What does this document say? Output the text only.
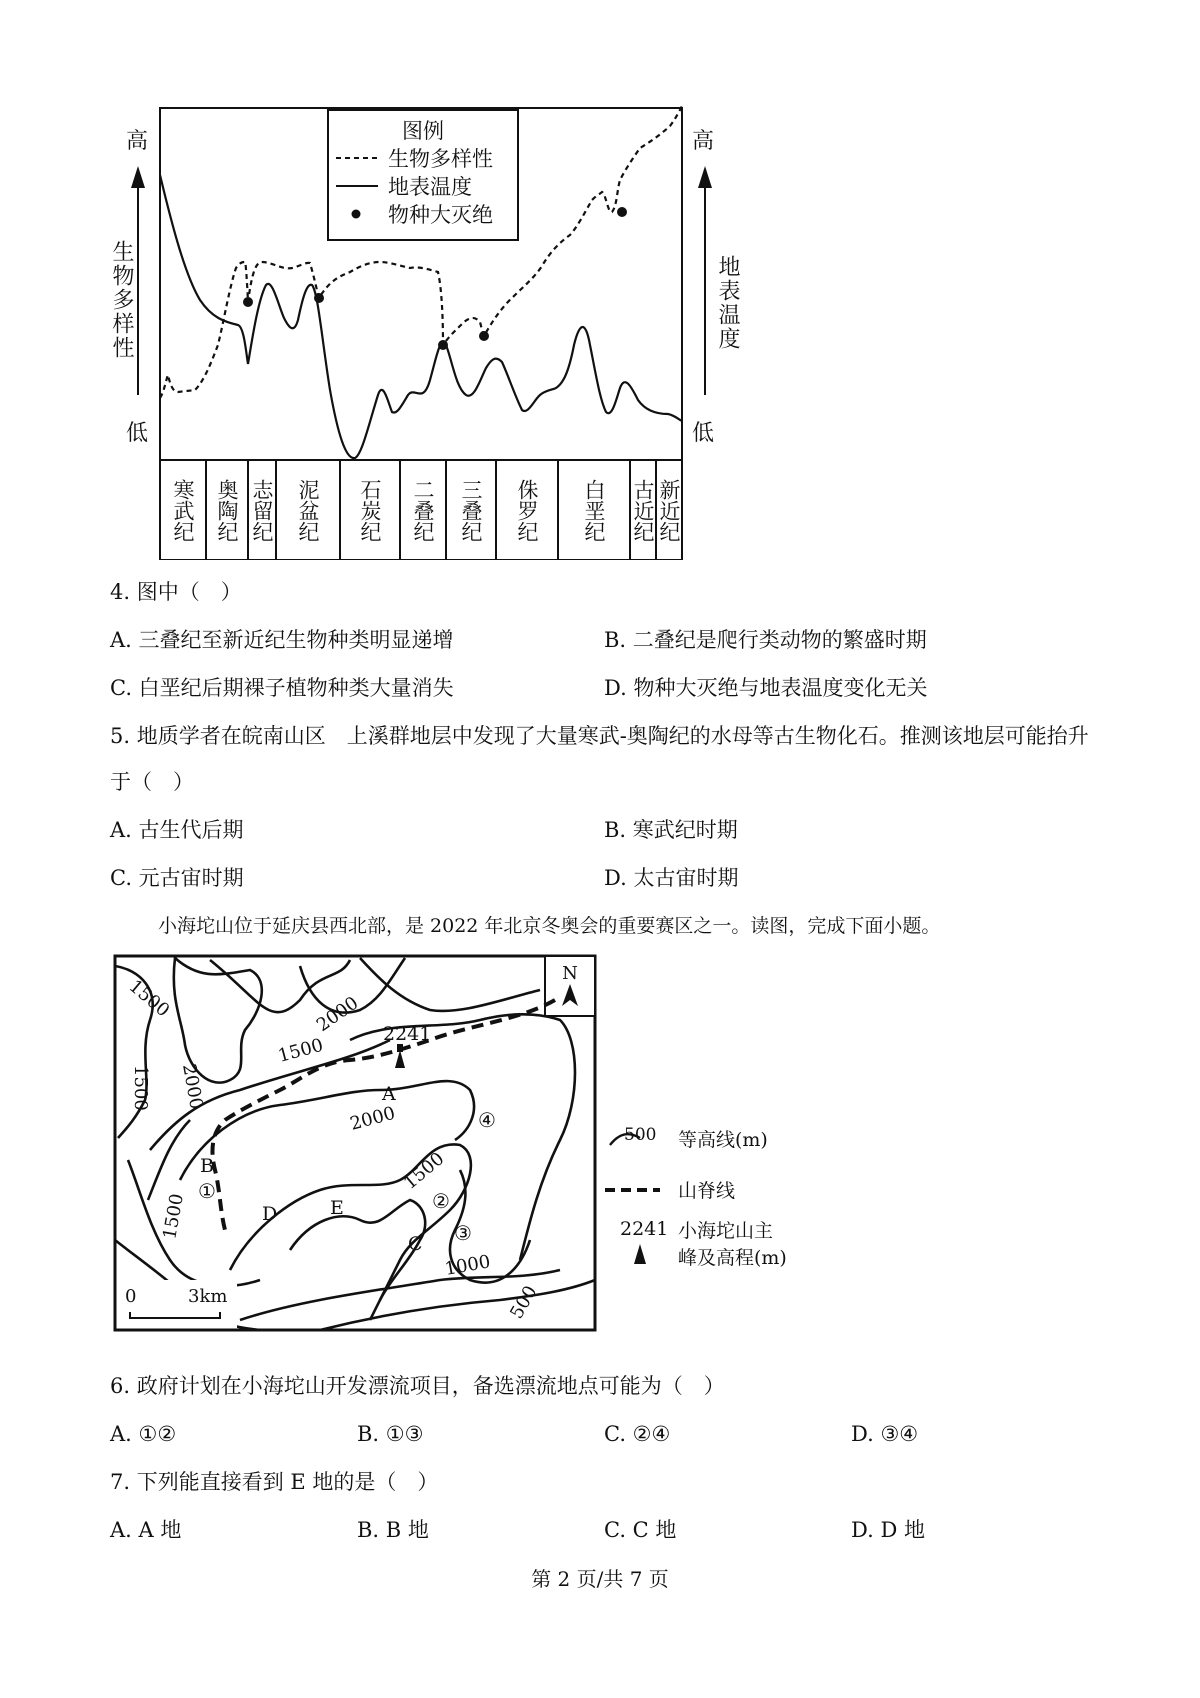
高
生物多样性
低
高
地表温度
低
图例
生物多样性
地表温度
物种大灭绝
寒武纪 奥陶纪 志留纪 泥盆纪 石炭纪 二叠纪 三叠纪 侏罗纪 白垩纪 古近纪 新近纪
4. 图中（　）
A. 三叠纪至新近纪生物种类明显递增	B. 二叠纪是爬行类动物的繁盛时期
C. 白垩纪后期裸子植物种类大量消失	D. 物种大灭绝与地表温度变化无关
5. 地质学者在皖南山区　上溪群地层中发现了大量寒武-奥陶纪的水母等古生物化石。推测该地层可能抬升
于（　）
A. 古生代后期	B. 寒武纪时期
C. 元古宙时期	D. 太古宙时期
小海坨山位于延庆县西北部，是 2022 年北京冬奥会的重要赛区之一。读图，完成下面小题。
N
2241
1500	2000
1500
1500 2000
2000
1500
1500
1000
500
A
B
C
D	E
①	②
③
④
0	3km
500 等高线(m)
山脊线
2241 小海坨山主
峰及高程(m)
6. 政府计划在小海坨山开发漂流项目，备选漂流地点可能为（　）
A. ①②	B. ①③	C. ②④	D. ③④
7. 下列能直接看到 E 地的是（　）
A. A 地	B. B 地	C. C 地	D. D 地
第 2 页/共 7 页
